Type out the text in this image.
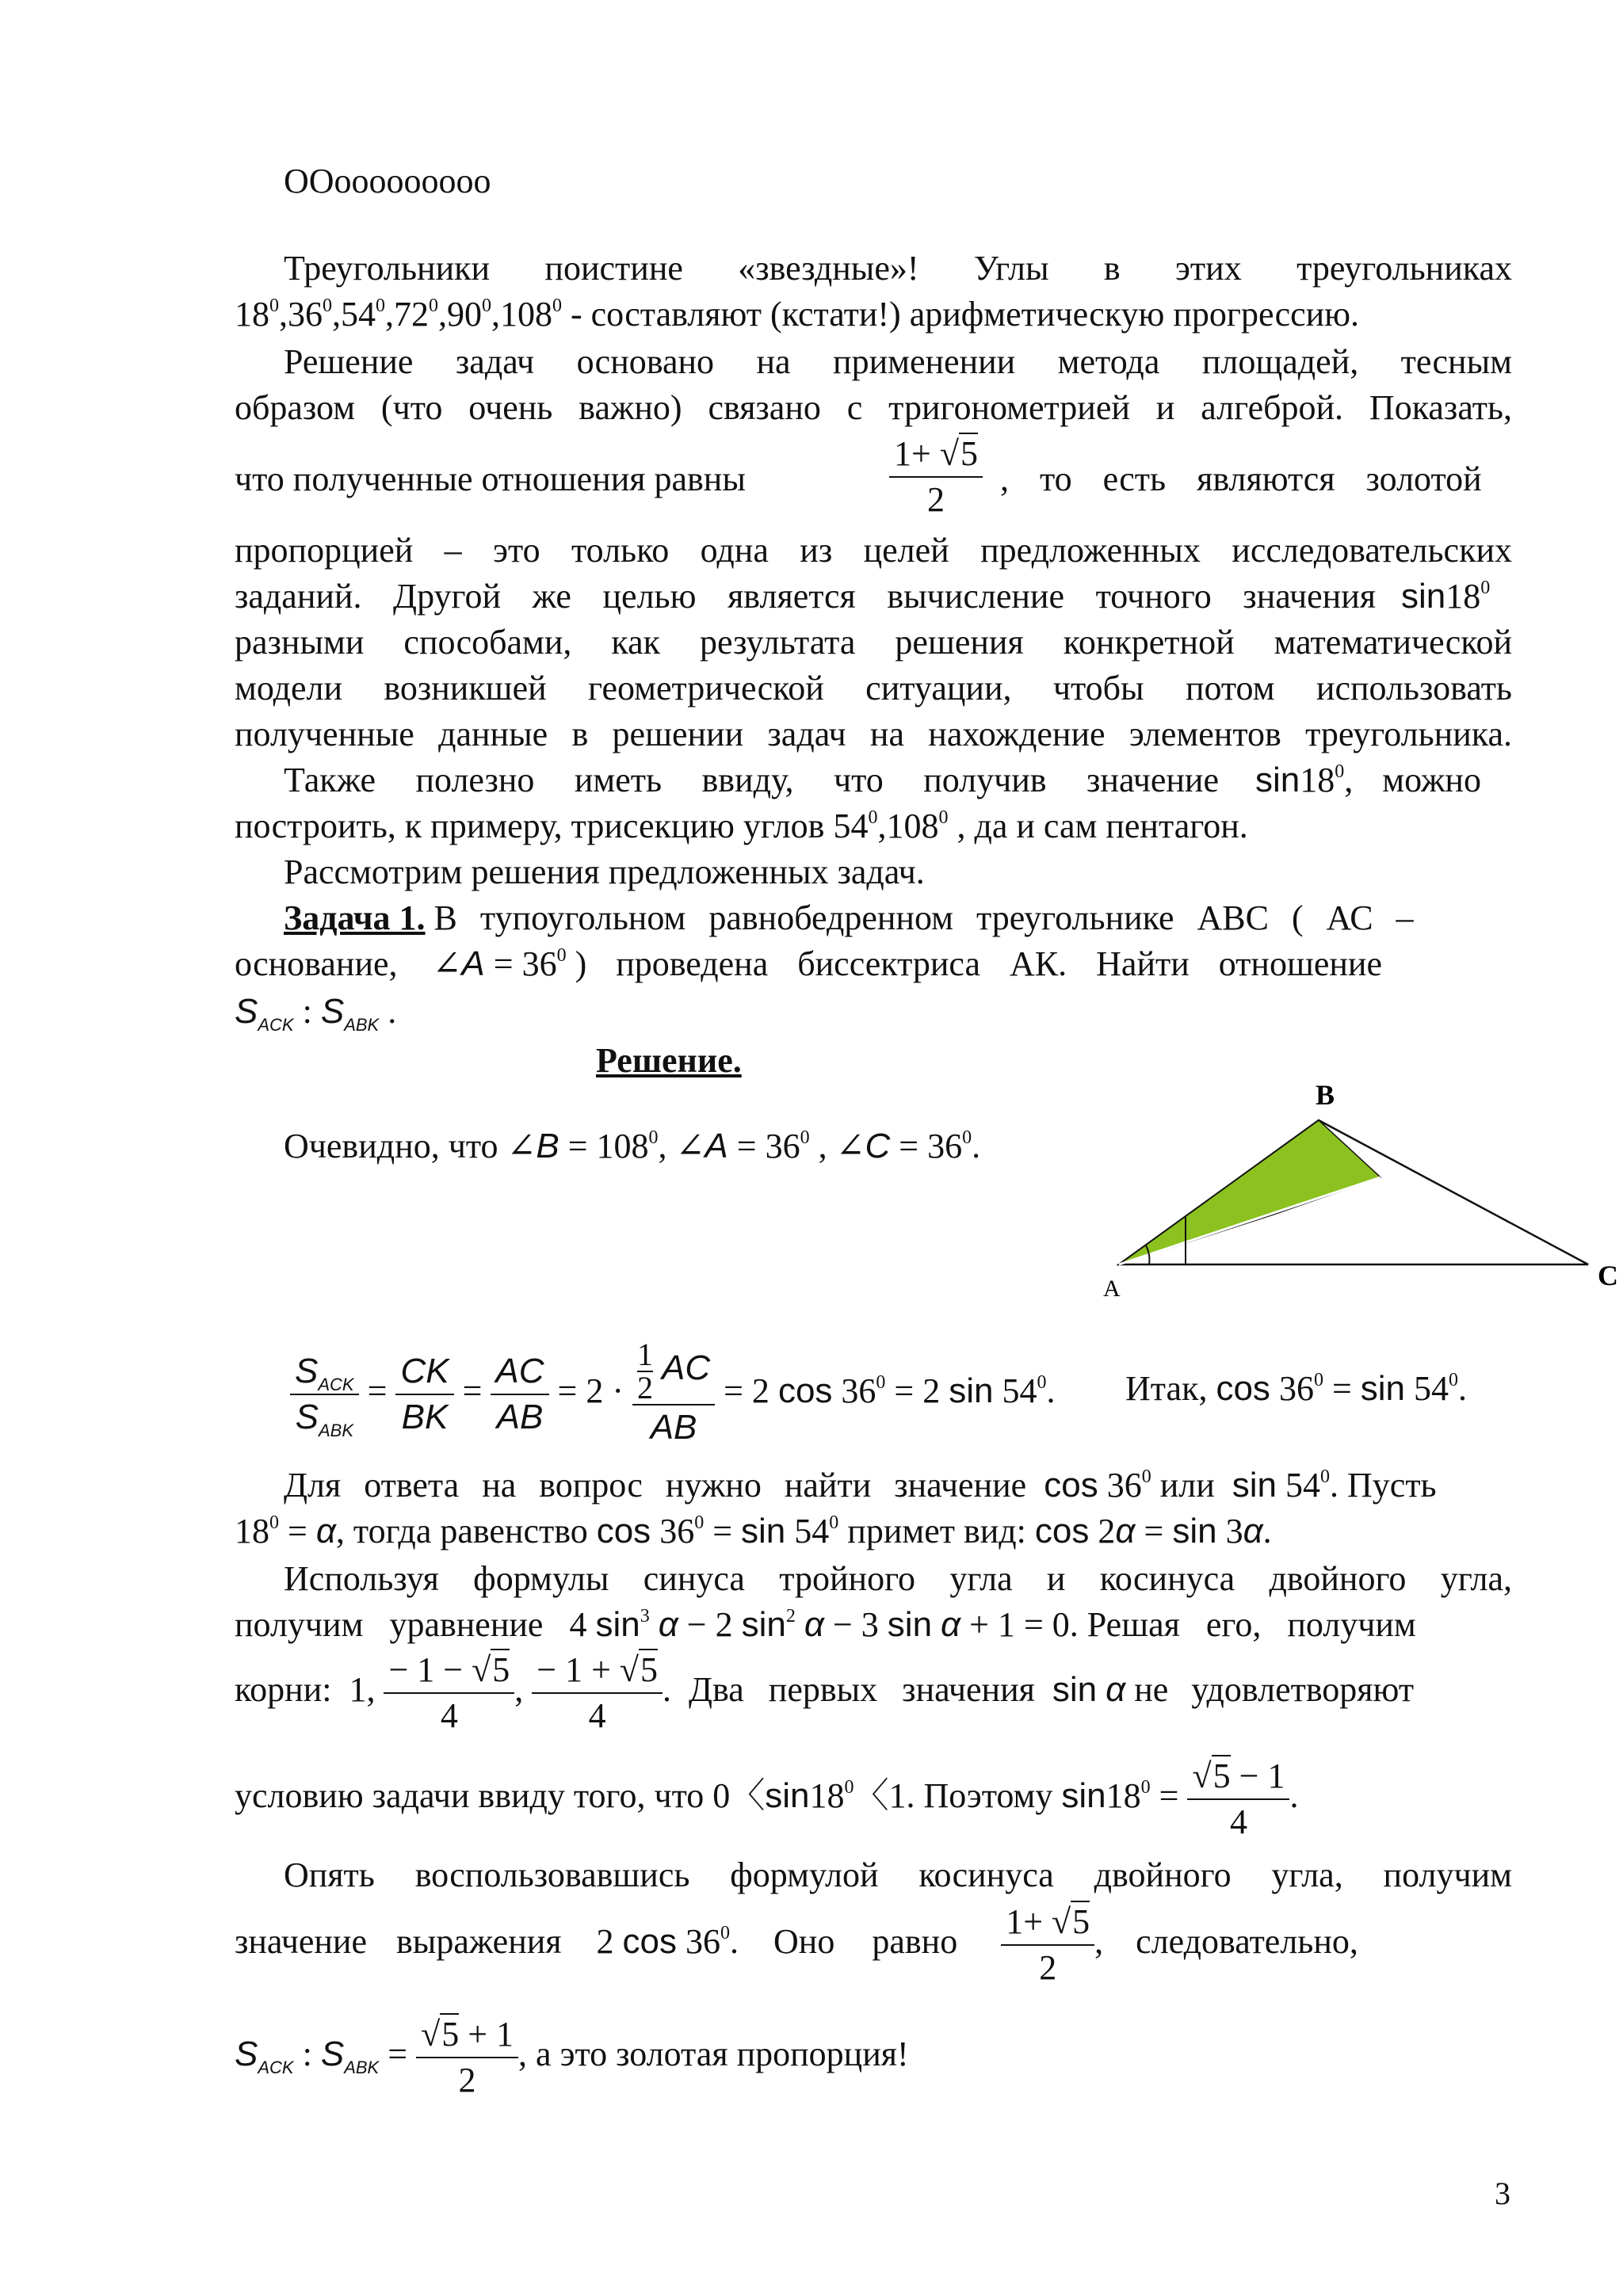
OOooooooooo
Треугольники поистине «звездные»! Углы в этих треугольниках
$18^0,36^0,54^0,72^0,90^0,108^0$ - составляют (кстати!) арифметическую прогрессию.
Решение задач основано на применении метода площадей, тесным
образом (что очень важно) связано с тригонометрией и алгеброй. Показать,
что полученные отношения равны	$\frac{1+ √5}{2}$ , то есть являются золотой
пропорцией – это только одна из целей предложенных исследовательских
заданий. Другой же целью является вычисление точного значения $\sin 18^0$
разными способами, как результата решения конкретной математической
модели возникшей геометрической ситуации, чтобы потом использовать
полученные данные в решении задач на нахождение элементов треугольника.
Также полезно иметь ввиду, что получив значение $\sin 18^0$, можно
построить, к примеру, трисекцию углов $54^0,108^0$ , да и сам пентагон.
Рассмотрим решения предложенных задач.
Задача 1. В тупоугольном равнобедренном треугольнике АВС ( АС –
основание,    ∠A = $36^0$ ) проведена биссектриса АК. Найти отношение
$S_{ACK}$ : $S_{ABK}$ .
Решение.
Очевидно, что ∠B = $108^0$, ∠A = $36^0$ , ∠C = $36^0$.
B
A	C
$\frac{S_{ACK}}{S_{ABK}} = \frac{CK}{BK} = \frac{AC}{AB} = 2 \cdot \frac{\frac{1}{2} AC}{AB} = 2$ $\cos 36^0 = 2$ $\sin 54^0$. Итак, $\cos 36^0 = \sin 54^0$.
Для ответа на вопрос нужно найти значение $\cos 36^0$ или $\sin 54^0$. Пусть
$18^0 = \alpha$, тогда равенство $\cos 36^0 = \sin 54^0$ примет вид: cos 2α = sin 3α.
Используя формулы синуса тройного угла и косинуса двойного угла,
получим уравнение   4 $\sin^3 \alpha - 2$ $\sin^2 \alpha - 3$ sin α + 1 = 0. Решая его, получим
корни:  1, $\frac{- 1 - √5}{4}$ , $\frac{- 1 + √5}{4}$ .  Два первых значения sin α не удовлетворяют
условию задачи ввиду того, что 0〈$\sin 18^0$〈1. Поэтому $\sin 18^0 = \frac{√5 - 1}{4}$ .
Опять воспользовавшись формулой косинуса двойного угла, получим
значение выражения    2 $\cos 36^0$.    Оно равно $\frac{1+ √5}{2}$ , следовательно,
$S_{ACK}$ : $S_{ABK} = \frac{√5 + 1}{2}$ , а это золотая пропорция!
3
